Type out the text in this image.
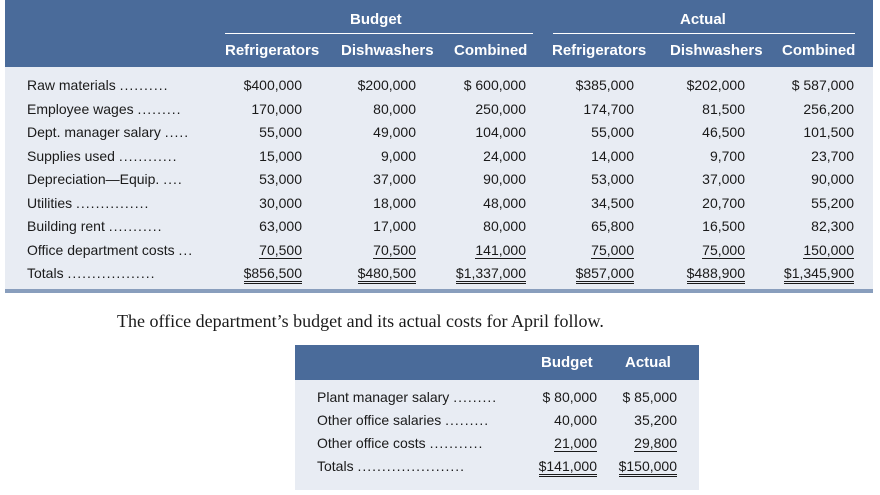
Budget	Actual
Refrigerators Dishwashers Combined Refrigerators Dishwashers Combined
Raw materials ..........	$400,000	$200,000	$ 600,000	$385,000	$202,000	$ 587,000
Employee wages .........	170,000	80,000	250,000	174,700	81,500	256,200
Dept. manager salary .....	55,000	49,000	104,000	55,000	46,500	101,500
Supplies used ............	15,000	9,000	24,000	14,000	9,700	23,700
Depreciation—Equip. ....	53,000	37,000	90,000	53,000	37,000	90,000
Utilities ...............	30,000	18,000	48,000	34,500	20,700	55,200
Building rent ...........	63,000	17,000	80,000	65,800	16,500	82,300
Office department costs ...	70,500	70,500	141,000	75,000	75,000	150,000
Totals ..................	$856,500	$480,500	$1,337,000	$857,000	$488,900	$1,345,900
The office department’s budget and its actual costs for April follow.
Budget Actual
Plant manager salary .........	$ 80,000 $ 85,000
Other office salaries .........	40,000	35,200
Other office costs ...........	21,000	29,800
Totals ......................	$141,000 $150,000
